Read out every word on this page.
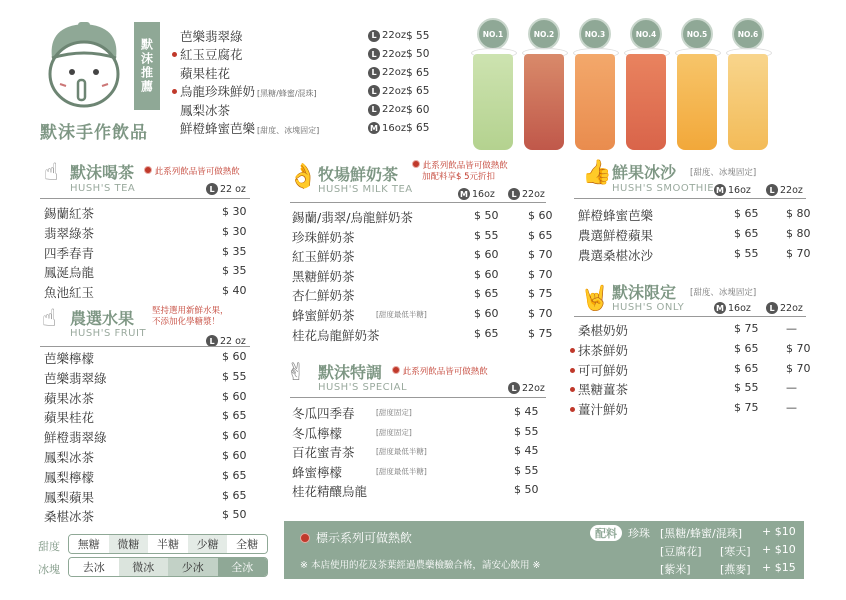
默沫手作飲品
默沫推薦
芭樂翡翠綠	L 22oz $ 55
紅玉豆腐花	L 22oz $ 50
蘋果桂花	L 22oz $ 65
烏龍珍珠鮮奶 [黑糖/蜂蜜/混珠]	L 22oz $ 65
鳳梨冰茶	L 22oz $ 60
鮮橙蜂蜜芭樂 [甜度、冰塊固定]	M 16oz $ 65
NO.1	NO.2	NO.3	NO.4	NO.5	NO.6
☝ 默沫喝茶	此系列飲品皆可做熱飲
HUSH'S TEA	L 22 oz
錫蘭紅茶	$ 30
翡翠綠茶	$ 30
四季春青	$ 35
鳳涎烏龍	$ 35
魚池紅玉	$ 40
☝ 農選水果 堅持選用新鮮水果，
不添加化學糖漿！
HUSH'S FRUIT
L 22 oz
芭樂檸檬	$ 60
芭樂翡翠綠	$ 55
蘋果冰茶	$ 60
蘋果桂花	$ 65
鮮橙翡翠綠	$ 60
鳳梨冰茶	$ 60
鳳梨檸檬	$ 65
鳳梨蘋果	$ 65
桑椹冰茶	$ 50
甜度	無糖	微糖	半糖	少糖	全糖
冰塊	去冰	微冰	少冰	全冰
👌 牧場鮮奶茶	此系列飲品皆可做熱飲
加配料享$ 5元折扣
HUSH'S MILK TEA	M 16oz	L 22oz
錫蘭/翡翠/烏龍鮮奶茶	$ 50	$ 60
珍珠鮮奶茶	$ 55	$ 65
紅玉鮮奶茶	$ 60	$ 70
黑糖鮮奶茶	$ 60	$ 70
杏仁鮮奶茶	$ 65	$ 75
蜂蜜鮮奶茶	[甜度最低半糖]	$ 60	$ 70
桂花烏龍鮮奶茶	$ 65	$ 75
✌ 默沫特調	此系列飲品皆可做熱飲
HUSH'S SPECIAL	L 22oz
冬瓜四季春	[甜度固定]	$ 45
冬瓜檸檬	[甜度固定]	$ 55
百花蜜青茶	[甜度最低半糖]	$ 45
蜂蜜檸檬	[甜度最低半糖]	$ 55
桂花精釀烏龍	$ 50
👍 鮮果冰沙 [甜度、冰塊固定]
HUSH'S SMOOTHIE M 16oz	L 22oz
鮮橙蜂蜜芭樂	$ 65	$ 80
農選鮮橙蘋果	$ 65	$ 80
農選桑椹冰沙	$ 55	$ 70
🤘 默沫限定 [甜度、冰塊固定]
HUSH'S ONLY	M 16oz	L 22oz
桑椹奶奶	$ 75	—
抹茶鮮奶	$ 65	$ 70
可可鮮奶	$ 65	$ 70
黑糖薑茶	$ 55	—
薑汁鮮奶	$ 75	—
標示系列可做熱飲
※ 本店使用的花及茶葉經過農藥檢驗合格，請安心飲用 ※
配料	珍珠 [黑糖/蜂蜜/混珠] + $10
[豆腐花] [寒天] + $10
[紫米]	[燕麥] + $15
